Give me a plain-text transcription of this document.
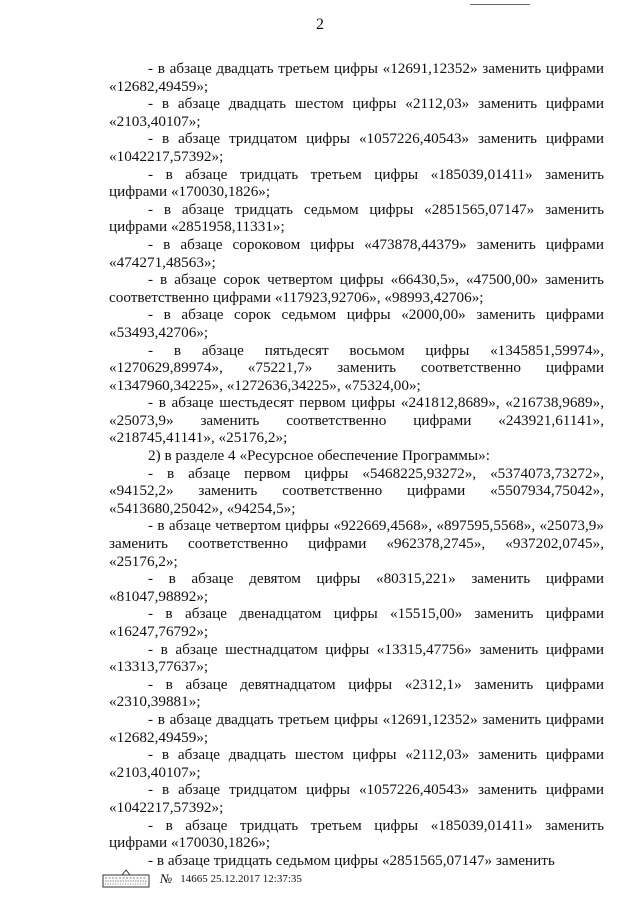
2

- в абзаце двадцать третьем цифры «12691,12352» заменить цифрами «12682,49459»;

- в абзаце двадцать шестом цифры «2112,03» заменить цифрами «2103,40107»;

- в абзаце тридцатом цифры «1057226,40543» заменить цифрами «1042217,57392»;

- в абзаце тридцать третьем цифры «185039,01411» заменить цифрами «170030,1826»;

- в абзаце тридцать седьмом цифры «2851565,07147» заменить цифрами «2851958,11331»;

- в абзаце сороковом цифры «473878,44379» заменить цифрами «474271,48563»;

- в абзаце сорок четвертом цифры «66430,5», «47500,00» заменить соответственно цифрами «117923,92706», «98993,42706»;

- в абзаце сорок седьмом цифры «2000,00» заменить цифрами «53493,42706»;

- в абзаце пятьдесят восьмом цифры «1345851,59974», «1270629,89974», «75221,7» заменить соответственно цифрами «1347960,34225», «1272636,34225», «75324,00»;

- в абзаце шестьдесят первом цифры «241812,8689», «216738,9689», «25073,9» заменить соответственно цифрами «243921,61141», «218745,41141», «25176,2»;

2) в разделе 4 «Ресурсное обеспечение Программы»:

- в абзаце первом цифры «5468225,93272», «5374073,73272», «94152,2» заменить соответственно цифрами «5507934,75042», «5413680,25042», «94254,5»;

- в абзаце четвертом цифры «922669,4568», «897595,5568», «25073,9» заменить соответственно цифрами «962378,2745», «937202,0745», «25176,2»;

- в абзаце девятом цифры «80315,221» заменить цифрами «81047,98892»;

- в абзаце двенадцатом цифры «15515,00» заменить цифрами «16247,76792»;

- в абзаце шестнадцатом цифры «13315,47756» заменить цифрами «13313,77637»;

- в абзаце девятнадцатом цифры «2312,1» заменить цифрами «2310,39881»;

- в абзаце двадцать третьем цифры «12691,12352» заменить цифрами «12682,49459»;

- в абзаце двадцать шестом цифры «2112,03» заменить цифрами «2103,40107»;

- в абзаце тридцатом цифры «1057226,40543» заменить цифрами «1042217,57392»;

- в абзаце тридцать третьем цифры «185039,01411» заменить цифрами «170030,1826»;

- в абзаце тридцать седьмом цифры «2851565,07147» заменить

№ 14665 25.12.2017 12:37:35
